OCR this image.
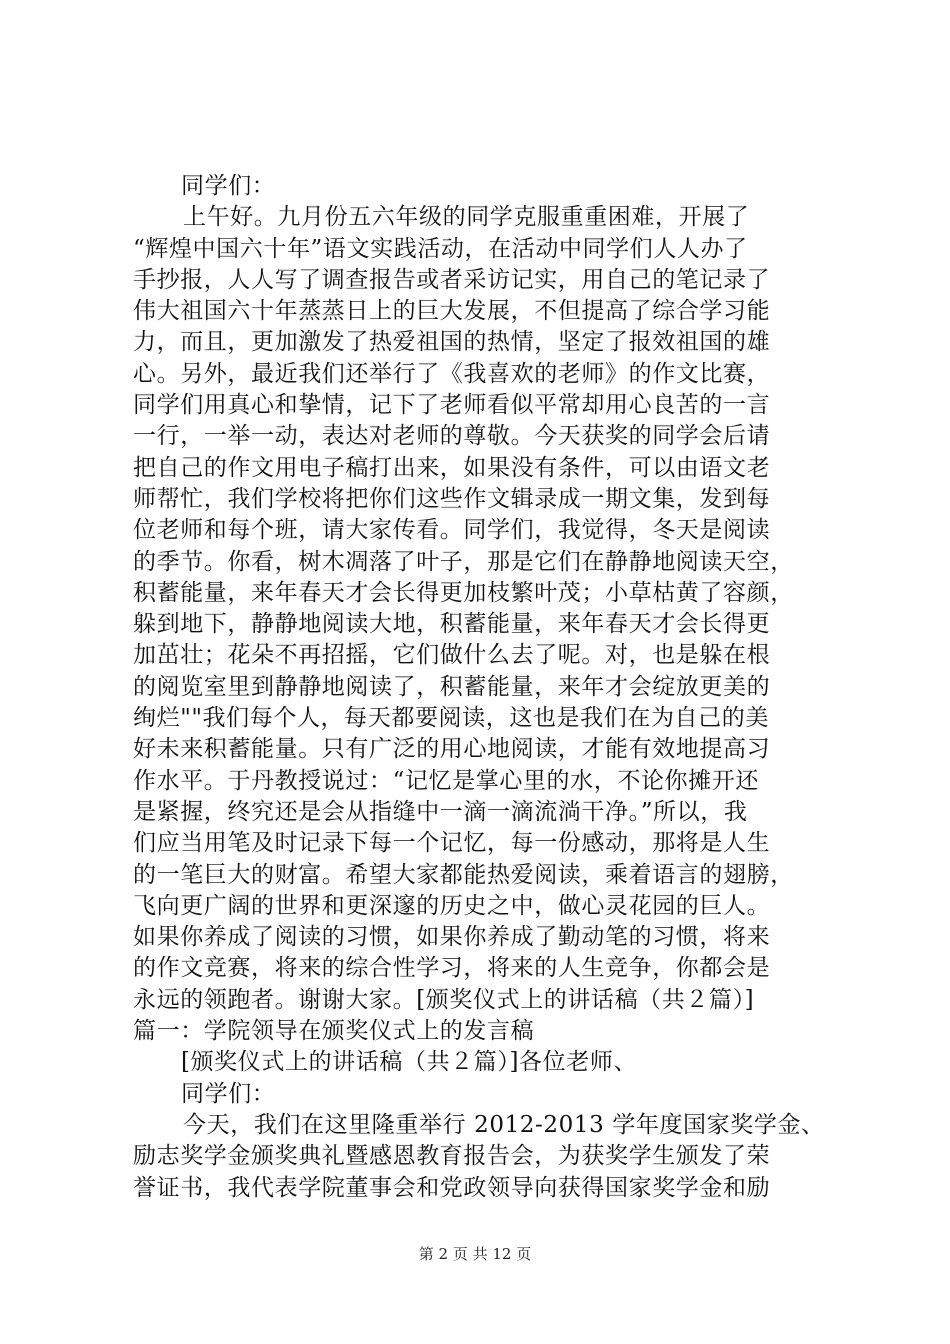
同学们：
上午好。九月份五六年级的同学克服重重困难，开展了
“辉煌中国六十年”语文实践活动，在活动中同学们人人办了
手抄报，人人写了调查报告或者采访记实，用自己的笔记录了
伟大祖国六十年蒸蒸日上的巨大发展，不但提高了综合学习能
力，而且，更加激发了热爱祖国的热情，坚定了报效祖国的雄
心。另外，最近我们还举行了《我喜欢的老师》的作文比赛，
同学们用真心和挚情，记下了老师看似平常却用心良苦的一言
一行，一举一动，表达对老师的尊敬。今天获奖的同学会后请
把自己的作文用电子稿打出来，如果没有条件，可以由语文老
师帮忙，我们学校将把你们这些作文辑录成一期文集，发到每
位老师和每个班，请大家传看。同学们，我觉得，冬天是阅读
的季节。你看，树木凋落了叶子，那是它们在静静地阅读天空，
积蓄能量，来年春天才会长得更加枝繁叶茂；小草枯黄了容颜，
躲到地下，静静地阅读大地，积蓄能量，来年春天才会长得更
加茁壮；花朵不再招摇，它们做什么去了呢。对，也是躲在根
的阅览室里到静静地阅读了，积蓄能量，来年才会绽放更美的
绚烂""我们每个人，每天都要阅读，这也是我们在为自己的美
好未来积蓄能量。只有广泛的用心地阅读，才能有效地提高习
作水平。于丹教授说过：“记忆是掌心里的水，不论你摊开还
是紧握，终究还是会从指缝中一滴一滴流淌干净。”所以，我
们应当用笔及时记录下每一个记忆，每一份感动，那将是人生
的一笔巨大的财富。希望大家都能热爱阅读，乘着语言的翅膀，
飞向更广阔的世界和更深邃的历史之中，做心灵花园的巨人。
如果你养成了阅读的习惯，如果你养成了勤动笔的习惯，将来
的作文竞赛，将来的综合性学习，将来的人生竞争，你都会是
永远的领跑者。谢谢大家。[颁奖仪式上的讲话稿（共２篇）]
篇一：学院领导在颁奖仪式上的发言稿
[颁奖仪式上的讲话稿（共２篇）]各位老师、
同学们：
今天，我们在这里隆重举行 2012-2013 学年度国家奖学金、
励志奖学金颁奖典礼暨感恩教育报告会，为获奖学生颁发了荣
誉证书，我代表学院董事会和党政领导向获得国家奖学金和励
第 2 页 共 12 页
